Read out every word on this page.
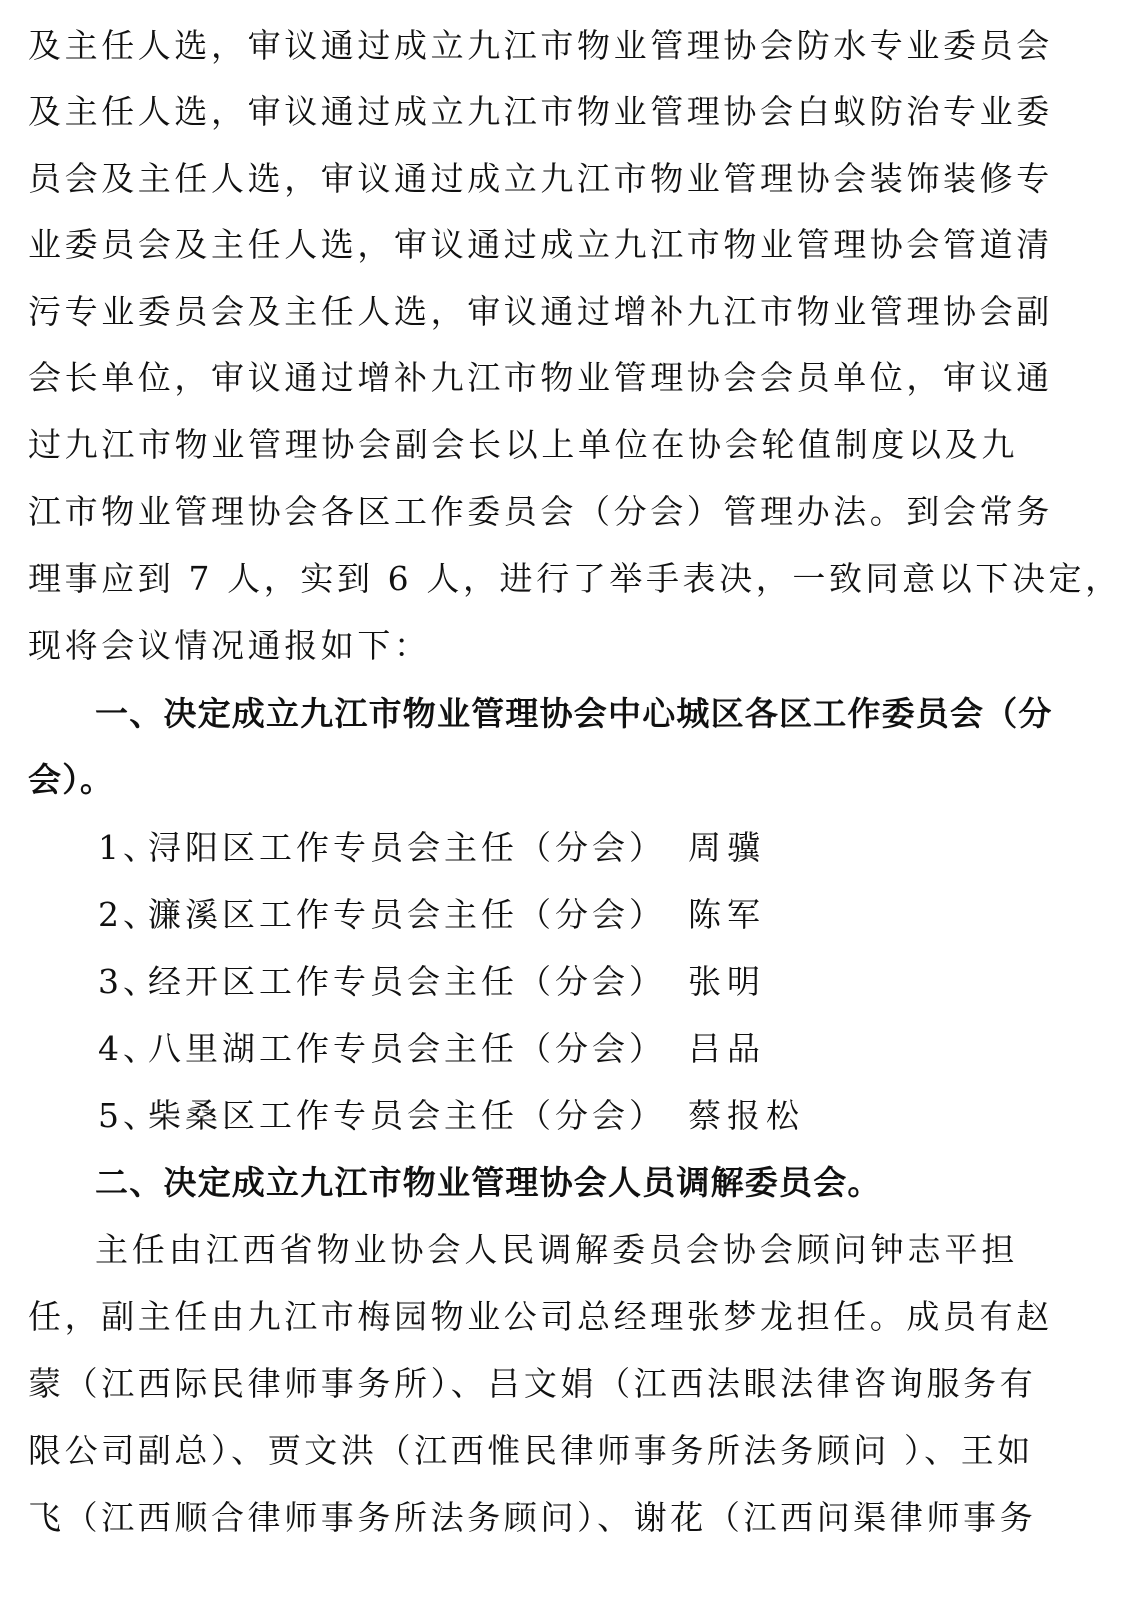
及主任人选，审议通过成立九江市物业管理协会防水专业委员会
及主任人选，审议通过成立九江市物业管理协会白蚁防治专业委
员会及主任人选，审议通过成立九江市物业管理协会装饰装修专
业委员会及主任人选，审议通过成立九江市物业管理协会管道清
污专业委员会及主任人选，审议通过增补九江市物业管理协会副
会长单位，审议通过增补九江市物业管理协会会员单位，审议通
过九江市物业管理协会副会长以上单位在协会轮值制度以及九
江市物业管理协会各区工作委员会（分会）管理办法。到会常务
理事应到 7 人，实到 6 人，进行了举手表决，一致同意以下决定，
现将会议情况通报如下：
一、决定成立九江市物业管理协会中心城区各区工作委员会（分
会）。
1、
浔阳区工作专员会主任（分会） 周骥
2、
濂溪区工作专员会主任（分会） 陈军
3、
经开区工作专员会主任（分会） 张明
4、
八里湖工作专员会主任（分会） 吕品
5、
柴桑区工作专员会主任（分会） 蔡报松
二、决定成立九江市物业管理协会人员调解委员会。
主任由江西省物业协会人民调解委员会协会顾问钟志平担
任，副主任由九江市梅园物业公司总经理张梦龙担任。成员有赵
蒙（江西际民律师事务所）、吕文娟（江西法眼法律咨询服务有
限公司副总）、贾文洪（江西惟民律师事务所法务顾问 ）、王如
飞（江西顺合律师事务所法务顾问）、谢花（江西问渠律师事务
